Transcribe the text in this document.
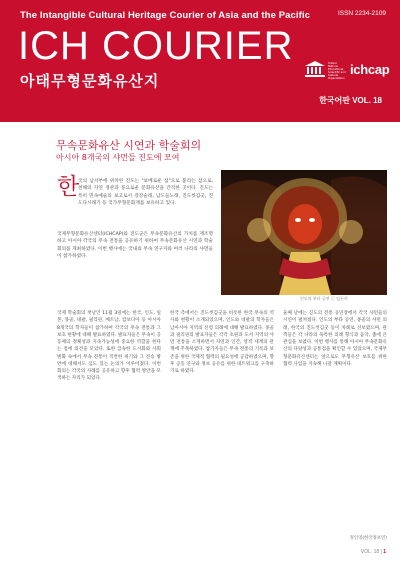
The Intangible Cultural Heritage Courier of Asia and the Pacific	ISSN 2234-2109
ICH COURIER
아태무형문화유산지
United Nations Educational, Scientific and Cultural Organization
ichcap
한국어판 VOL. 18
무속문화유산 시연과 학술회의
아시아 8개국의 샤먼들 진도에 모여
한
국의 남서부에 위치한 진도는 "보배로운 섬"으로 불리는 섬으로, 천혜의 자연 경관과 풍요로운 문화유산을 간직한 곳이다. 진도는 특히 민속예술의 보고로서 강강술래, 남도들노래, 진도씻김굿, 진도다시래기 등 국가무형문화재를 보유하고 있다.
국제무형문화유산센터(ICHCAP)와 진도군은 무속문화유산의 가치를 재조명하고 아시아 각국의 무속 전통을 공유하기 위하여 무속문화유산 시연과 학술회의를 개최하였다. 이번 행사에는 국내외 무속 연구자와 여러 나라의 샤먼들이 참가하였다.
인도의 부타 공연 ⓒ 임돈희
국제 학술회의 첫날인 11월 3일에는 한국, 인도, 일본, 몽골, 네팔, 필리핀, 베트남, 캄보디아 등 아시아 8개국의 학자들이 참가하여 각국의 무속 전통과 그 보호 현황에 대해 발표하였다. 발표자들은 무속이 공동체의 정체성과 지속가능성에 중요한 역할을 한다는 점에 의견을 모았다. 또한 급속한 도시화와 사회 변화 속에서 무속 전통이 직면한 위기와 그 전승 방안에 대해서도 심도 있는 논의가 이루어졌다. 이번 회의는 각국의 사례를 공유하고 향후 협력 방안을 모색하는 자리가 되었다.
한국 측에서는 진도씻김굿을 비롯한 한국 무속의 역사와 현황이 소개되었으며, 인도와 네팔의 학자들은 남아시아 지역의 신령 의례에 대해 발표하였다. 몽골과 필리핀의 발표자들은 각각 초원과 도서 지역의 샤먼 전통을 소개하면서 자연과 인간, 영적 세계의 관계에 주목하였다. 참가자들은 무속 전통의 기록과 보존을 위한 국제적 협력의 필요성에 공감하였으며, 향후 공동 연구와 정보 공유를 위한 네트워크를 구축하기로 하였다.
둘째 날에는 진도의 전통 공연장에서 각국 샤먼들의 시연이 펼쳐졌다. 인도의 부타 공연, 몽골의 샤먼 의례, 한국의 진도씻김굿 등이 차례로 선보였으며, 관객들은 각 나라의 독특한 의례 형식과 음악, 춤에 큰 관심을 보였다. 이번 행사를 통해 아시아 무속문화유산의 다양성과 공통점을 확인할 수 있었으며, 국제무형문화유산센터는 앞으로도 무형유산 보호를 위한 협력 사업을 지속해 나갈 계획이다.
정인영(한국정보연)
VOL. 18 | 1
